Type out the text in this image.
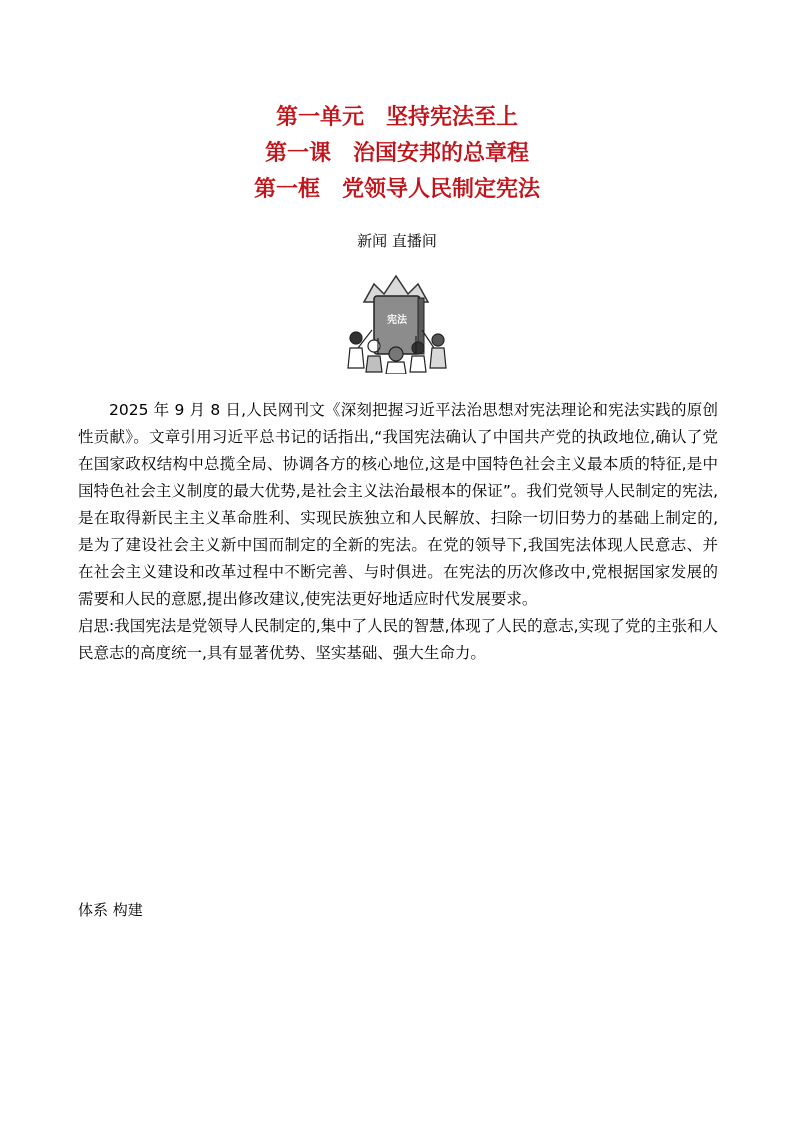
第一单元　坚持宪法至上
第一课　治国安邦的总章程
第一框　党领导人民制定宪法
新闻 直播间
宪法

2025 年 9 月 8 日,人民网刊文《深刻把握习近平法治思想对宪法理论和宪法实践的原创性贡献》。文章引用习近平总书记的话指出,“我国宪法确认了中国共产党的执政地位,确认了党在国家政权结构中总揽全局、协调各方的核心地位,这是中国特色社会主义最本质的特征,是中国特色社会主义制度的最大优势,是社会主义法治最根本的保证”。我们党领导人民制定的宪法,是在取得新民主主义革命胜利、实现民族独立和人民解放、扫除一切旧势力的基础上制定的,是为了建设社会主义新中国而制定的全新的宪法。在党的领导下,我国宪法体现人民意志、并在社会主义建设和改革过程中不断完善、与时俱进。在宪法的历次修改中,党根据国家发展的需要和人民的意愿,提出修改建议,使宪法更好地适应时代发展要求。

启思:我国宪法是党领导人民制定的,集中了人民的智慧,体现了人民的意志,实现了党的主张和人民意志的高度统一,具有显著优势、坚实基础、强大生命力。

体系 构建
